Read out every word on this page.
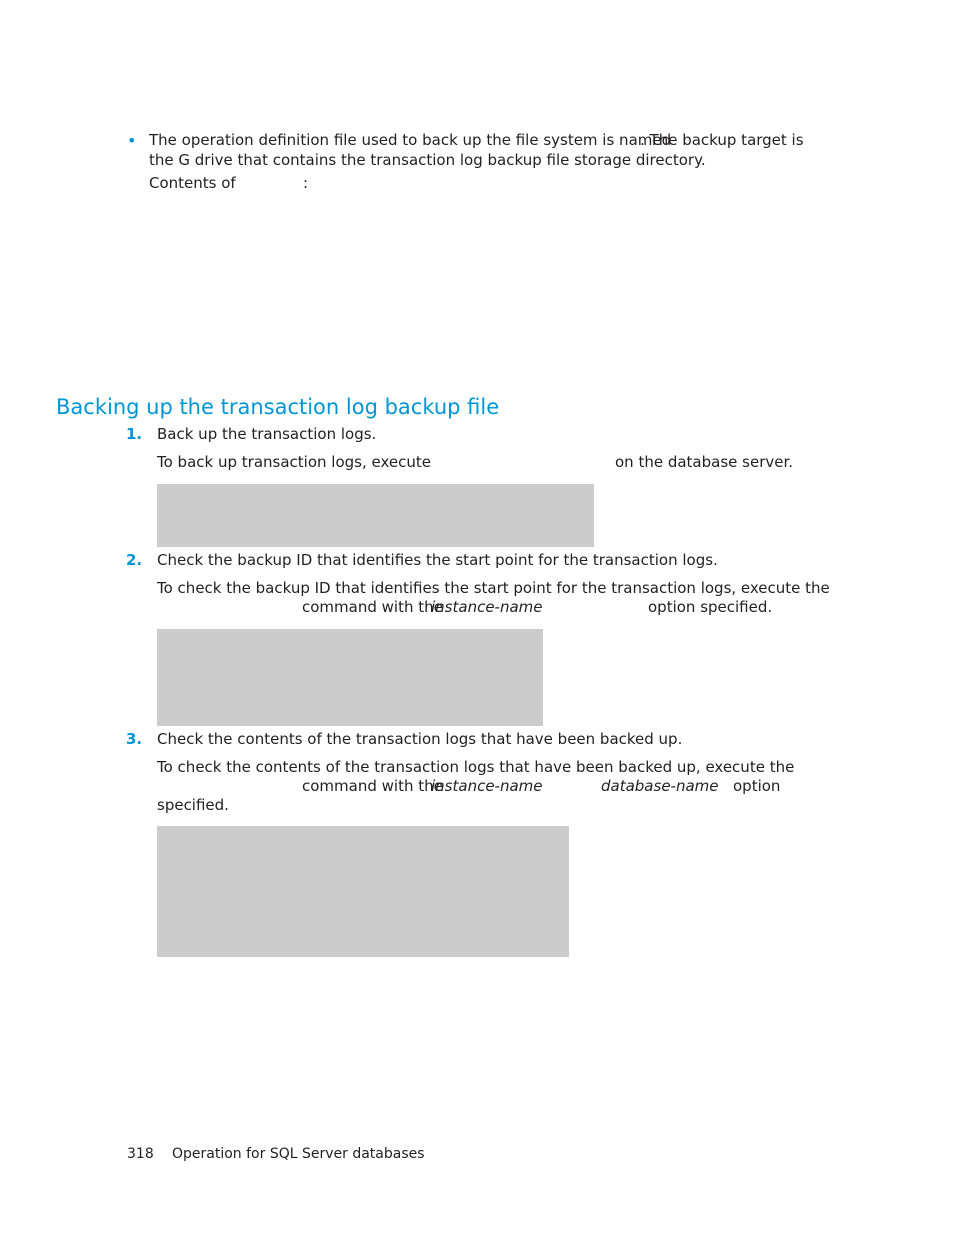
• The operation definition file used to back up the file system is named
. The backup target is
the G drive that contains the transaction log backup file storage directory.
Contents of	:
Backing up the transaction log backup file
1. Back up the transaction logs.
To back up transaction logs, execute	on the database server.
2. Check the backup ID that identifies the start point for the transaction logs.
To check the backup ID that identifies the start point for the transaction logs, execute the
command with the
instance-name	option specified.
3. Check the contents of the transaction logs that have been backed up.
To check the contents of the transaction logs that have been backed up, execute the
command with the
instance-name	database-name option
specified.
318 Operation for SQL Server databases
